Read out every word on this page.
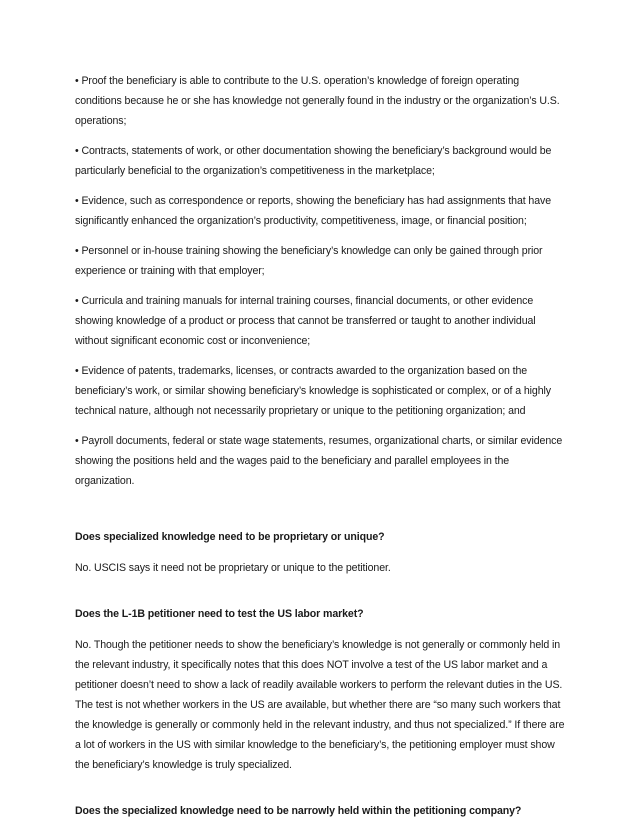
• Proof the beneficiary is able to contribute to the U.S. operation’s knowledge of foreign operating conditions because he or she has knowledge not generally found in the industry or the organization’s U.S. operations;

• Contracts, statements of work, or other documentation showing the beneficiary’s background would be particularly beneficial to the organization’s competitiveness in the marketplace;

• Evidence, such as correspondence or reports, showing the beneficiary has had assignments that have significantly enhanced the organization’s productivity, competitiveness, image, or financial position;

• Personnel or in-house training showing the beneficiary’s knowledge can only be gained through prior experience or training with that employer;

• Curricula and training manuals for internal training courses, financial documents, or other evidence showing knowledge of a product or process that cannot be transferred or taught to another individual without significant economic cost or inconvenience;

• Evidence of patents, trademarks, licenses, or contracts awarded to the organization based on the beneficiary’s work, or similar showing beneficiary’s knowledge is sophisticated or complex, or of a highly technical nature, although not necessarily proprietary or unique to the petitioning organization; and

• Payroll documents, federal or state wage statements, resumes, organizational charts, or similar evidence showing the positions held and the wages paid to the beneficiary and parallel employees in the organization.

Does specialized knowledge need to be proprietary or unique?

No. USCIS says it need not be proprietary or unique to the petitioner.

Does the L-1B petitioner need to test the US labor market?

No. Though the petitioner needs to show the beneficiary’s knowledge is not generally or commonly held in the relevant industry, it specifically notes that this does NOT involve a test of the US labor market and a petitioner doesn’t need to show a lack of readily available workers to perform the relevant duties in the US. The test is not whether workers in the US are available, but whether there are “so many such workers that the knowledge is generally or commonly held in the relevant industry, and thus not specialized.” If there are a lot of workers in the US with similar knowledge to the beneficiary’s, the petitioning employer must show the beneficiary’s knowledge is truly specialized.

Does the specialized knowledge need to be narrowly held within the petitioning company?
